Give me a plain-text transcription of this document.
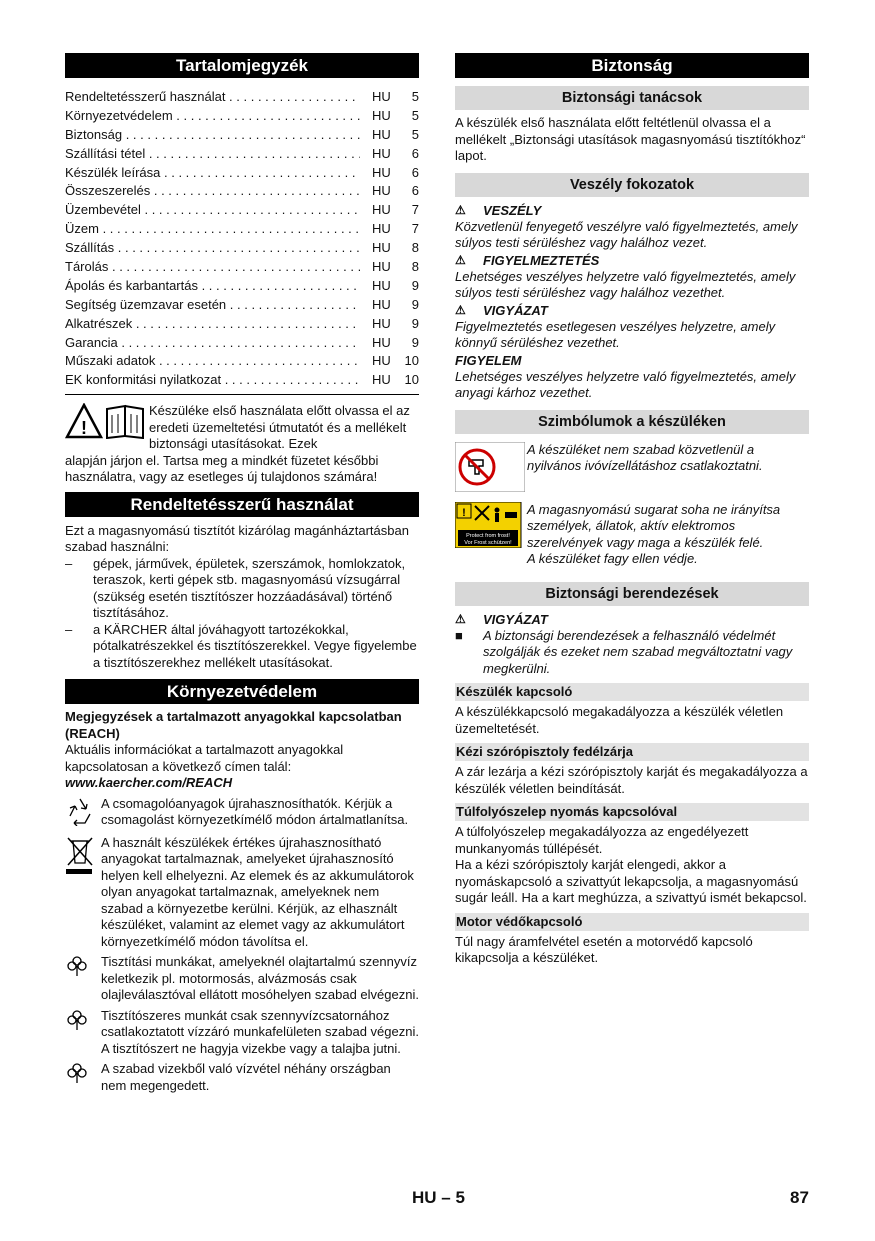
Tartalomjegyzék
Rendeltetésszerű használat . . .	HU	5
Környezetvédelem . . .	HU	5
Biztonság . . .	HU	5
Szállítási tétel . . .	HU	6
Készülék leírása . . .	HU	6
Összeszerelés . . .	HU	6
Üzembevétel . . .	HU	7
Üzem . . .	HU	7
Szállítás . . .	HU	8
Tárolás . . .	HU	8
Ápolás és karbantartás . . .	HU	9
Segítség üzemzavar esetén . . .	HU	9
Alkatrészek . . .	HU	9
Garancia . . .	HU	9
Műszaki adatok . . .	HU	10
EK konformitási nyilatkozat . . .	HU	10
!

Készüléke első használata előtt olvassa el az eredeti üzemeltetési útmutatót és a mellékelt biztonsági utasításokat. Ezek

alapján járjon el. Tartsa meg a mindkét füzetet későbbi használatra, vagy az esetleges új tulajdonos számára!

Rendeltetésszerű használat

Ezt a magasnyomású tisztítót kizárólag magánháztartásban szabad használni:

–	gépek, járművek, épületek, szerszámok, homlokzatok, teraszok, kerti gépek stb. magasnyomású vízsugárral (szükség esetén tisztítószer hozzáadásával) történő tisztításához.
–	a KÄRCHER által jóváhagyott tartozékokkal, pótalkatrészekkel és tisztítószerekkel. Vegye figyelembe a tisztítószerekhez mellékelt utasításokat.
Környezetvédelem

Megjegyzések a tartalmazott anyagokkal kapcsolatban (REACH)

Aktuális információkat a tartalmazott anyagokkal kapcsolatosan a következő címen talál:

www.kaercher.com/REACH

A csomagolóanyagok újrahasznosíthatók. Kérjük a csomagolást környezetkímélő módon ártalmatlanítsa.

A használt készülékek értékes újrahasznosítható anyagokat tartalmaznak, amelyeket újrahasznosító helyen kell elhelyezni. Az elemek és az akkumulátorok olyan anyagokat tartalmaznak, amelyeknek nem szabad a környezetbe kerülni. Kérjük, az elhasznált készüléket, valamint az elemet vagy az akkumulátort környezetkímélő módon távolítsa el.

Tisztítási munkákat, amelyeknél olajtartalmú szennyvíz keletkezik pl. motormosás, alvázmosás csak olajleválasztóval ellátott mosóhelyen szabad elvégezni.

Tisztítószeres munkát csak szennyvízcsatornához csatlakoztatott vízzáró munkafelületen szabad végezni. A tisztítószert ne hagyja vizekbe vagy a talajba jutni.

A szabad vizekből való vízvétel néhány országban nem megengedett.

Biztonság
Biztonsági tanácsok

A készülék első használata előtt feltétlenül olvassa el a mellékelt „Biztonsági utasítások magasnyomású tisztítókhoz“ lapot.

Veszély fokozatok
⚠	VESZÉLY

Közvetlenül fenyegető veszélyre való figyelmeztetés, amely súlyos testi sérüléshez vagy halálhoz vezet.

⚠	FIGYELMEZTETÉS

Lehetséges veszélyes helyzetre való figyelmeztetés, amely súlyos testi sérüléshez vagy halálhoz vezethet.

⚠	VIGYÁZAT

Figyelmeztetés esetlegesen veszélyes helyzetre, amely könnyű sérüléshez vezethet.

FIGYELEM

Lehetséges veszélyes helyzetre való figyelmeztetés, amely anyagi kárhoz vezethet.

Szimbólumok a készüléken

A készüléket nem szabad közvetlenül a nyilvános ivóvízellátáshoz csatlakoztatni.

!
Protect from frost!
Vor Frost schützen!

A magasnyomású sugarat soha ne irányítsa személyek, állatok, aktív elektromos szerelvények vagy maga a készülék felé.

A készüléket fagy ellen védje.

Biztonsági berendezések
⚠	VIGYÁZAT
■	A biztonsági berendezések a felhasználó védelmét szolgálják és ezeket nem szabad megváltoztatni vagy megkerülni.
Készülék kapcsoló

A készülékkapcsoló megakadályozza a készülék véletlen üzemeltetését.

Kézi szórópisztoly fedélzárja

A zár lezárja a kézi szórópisztoly karját és megakadályozza a készülék véletlen beindítását.

Túlfolyószelep nyomás kapcsolóval

A túlfolyószelep megakadályozza az engedélyezett munkanyomás túllépését.
Ha a kézi szórópisztoly karját elengedi, akkor a nyomáskapcsoló a szivattyút lekapcsolja, a magasnyomású sugár leáll. Ha a kart meghúzza, a szivattyú ismét bekapcsol.

Motor védőkapcsoló

Túl nagy áramfelvétel esetén a motorvédő kapcsoló kikapcsolja a készüléket.

HU – 5	87
